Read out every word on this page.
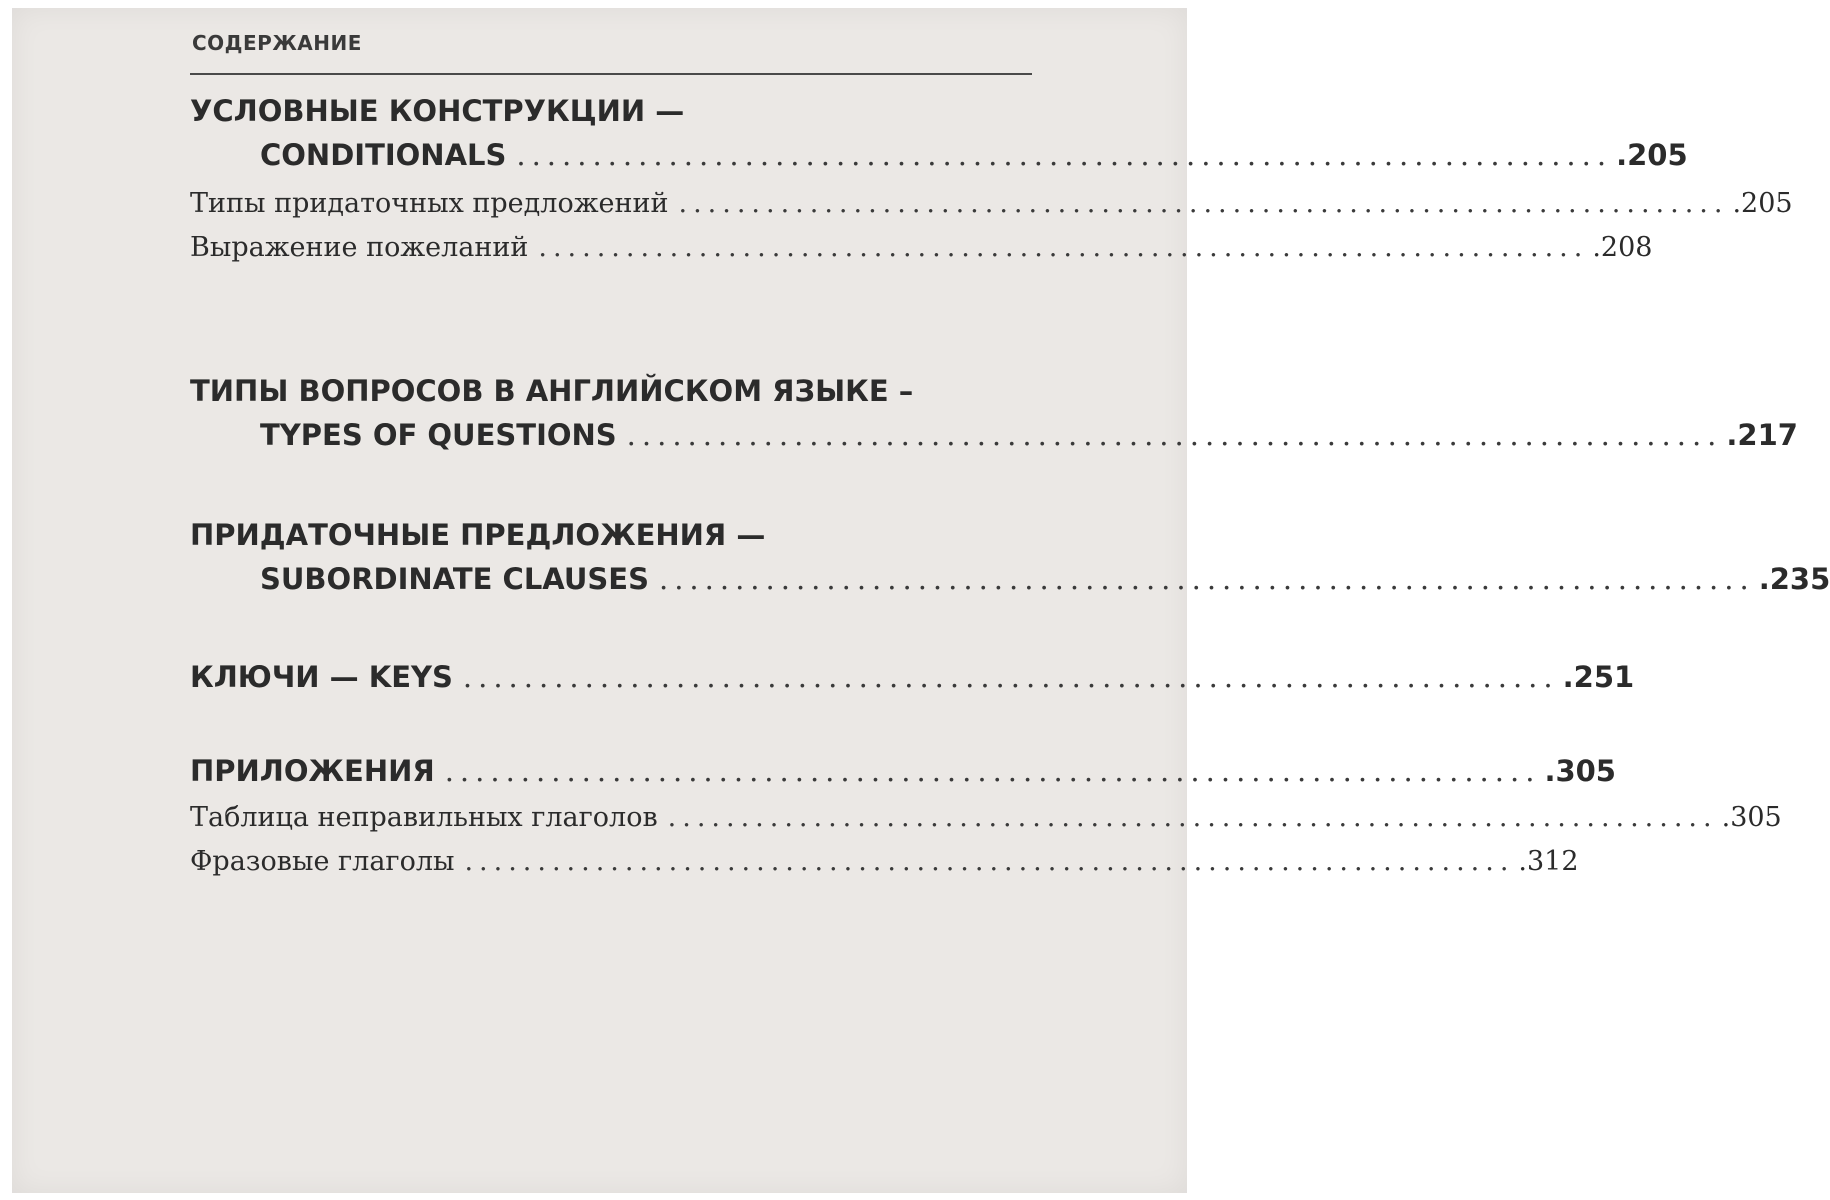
СОДЕРЖАНИЕ
УСЛОВНЫЕ КОНСТРУКЦИИ —
CONDITIONALS ........................................................................ .205
Типы придаточных предложений ........................................................................ .205
Выражение пожеланий ........................................................................ .208
ТИПЫ ВОПРОСОВ В АНГЛИЙСКОМ ЯЗЫКЕ –
TYPES OF QUESTIONS ........................................................................ .217
ПРИДАТОЧНЫЕ ПРЕДЛОЖЕНИЯ —
SUBORDINATE CLAUSES ........................................................................ .235
КЛЮЧИ — KEYS ........................................................................ .251
ПРИЛОЖЕНИЯ ........................................................................ .305
Таблица неправильных глаголов ........................................................................ .305
Фразовые глаголы ........................................................................ .312
